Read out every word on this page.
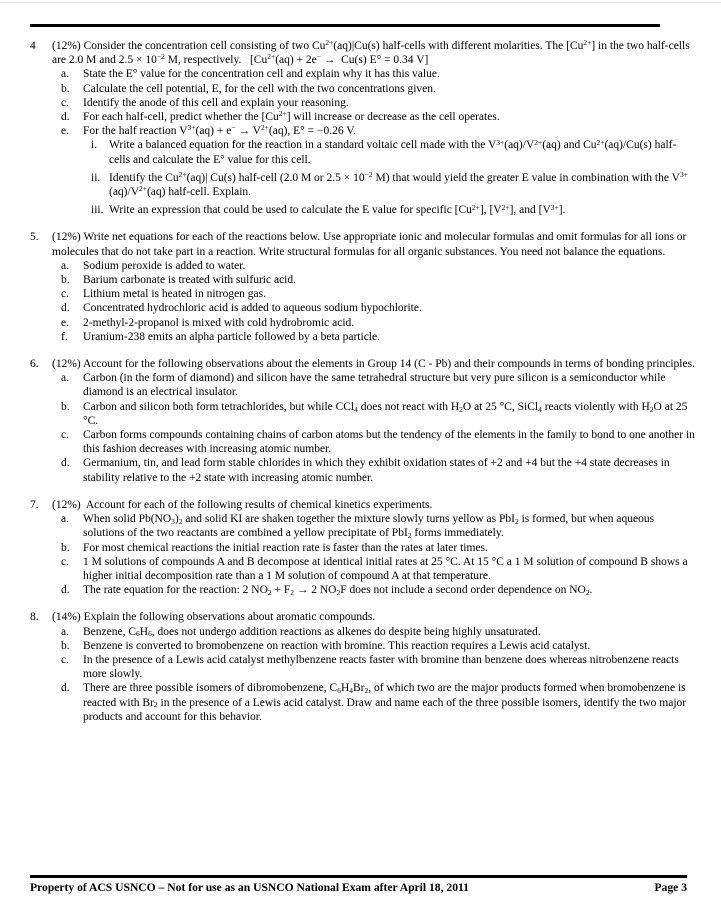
4	(12%) Consider the concentration cell consisting of two $Cu^{2+}(aq)|Cu(s)$ half-cells with different molarities. The $[Cu^{2+}]$ in the two half-cells are 2.0 M and $2.5 \times 10^{-2}$ M, respectively.   [$Cu^{2+}(aq) + 2e^- \to Cu(s) E^\circ = 0.34$ V]
a.	State the E° value for the concentration cell and explain why it has this value.
b.	Calculate the cell potential, E, for the cell with the two concentrations given.
c.	Identify the anode of this cell and explain your reasoning.
d.	For each half-cell, predict whether the $[Cu^{2+}]$ will increase or decrease as the cell operates.
e.	For the half reaction $V^{3+}(aq) + e^- \to V^{2+}(aq)$, E° = −0.26 V.
i.	Write a balanced equation for the reaction in a standard voltaic cell made with the $V^{3+}(aq)/V^{2+}(aq)$ and $Cu^{2+}(aq)/Cu(s)$ half-cells and calculate the E° value for this cell.
ii. Identify the $Cu^{2+}(aq)|$ Cu(s) half-cell (2.0 M or $2.5 \times 10^{-2}$ M) that would yield the greater E value in combination with the $V^{3+}(aq)/V^{2+}(aq)$ half-cell. Explain.
iii. Write an expression that could be used to calculate the E value for specific $[Cu^{2+}]$, $[V^{2+}]$, and $[V^{3+}]$.
5.	(12%) Write net equations for each of the reactions below. Use appropriate ionic and molecular formulas and omit formulas for all ions or molecules that do not take part in a reaction. Write structural formulas for all organic substances. You need not balance the equations.
a.	Sodium peroxide is added to water.
b.	Barium carbonate is treated with sulfuric acid.
c.	Lithium metal is heated in nitrogen gas.
d.	Concentrated hydrochloric acid is added to aqueous sodium hypochlorite.
e.	2-methyl-2-propanol is mixed with cold hydrobromic acid.
f.	Uranium-238 emits an alpha particle followed by a beta particle.
6.	(12%) Account for the following observations about the elements in Group 14 (C - Pb) and their compounds in terms of bonding principles.
a.	Carbon (in the form of diamond) and silicon have the same tetrahedral structure but very pure silicon is a semiconductor while diamond is an electrical insulator.
b.	Carbon and silicon both form tetrachlorides, but while CCl$_4$ does not react with $H_2O$ at 25 °C, SiCl$_4$ reacts violently with $H_2O$ at 25 °C.
c.	Carbon forms compounds containing chains of carbon atoms but the tendency of the elements in the family to bond to one another in this fashion decreases with increasing atomic number.
d.	Germanium, tin, and lead form stable chlorides in which they exhibit oxidation states of +2 and +4 but the +4 state decreases in stability relative to the +2 state with increasing atomic number.
7.	(12%)  Account for each of the following results of chemical kinetics experiments.
a.	When solid $Pb(NO_3)_2$ and solid KI are shaken together the mixture slowly turns yellow as PbI$_2$ is formed, but when aqueous solutions of the two reactants are combined a yellow precipitate of PbI$_2$ forms immediately.
b.	For most chemical reactions the initial reaction rate is faster than the rates at later times.
c.	1 M solutions of compounds A and B decompose at identical initial rates at 25 °C. At 15 °C a 1 M solution of compound B shows a higher initial decomposition rate than a 1 M solution of compound A at that temperature.
d.	The rate equation for the reaction: 2 $NO_2 + F_2 \to 2$ $NO_2F$ does not include a second order dependence on $NO_2$.
8.	(14%) Explain the following observations about aromatic compounds.
a.	Benzene, $C_6H_6$, does not undergo addition reactions as alkenes do despite being highly unsaturated.
b.	Benzene is converted to bromobenzene on reaction with bromine. This reaction requires a Lewis acid catalyst.
c.	In the presence of a Lewis acid catalyst methylbenzene reacts faster with bromine than benzene does whereas nitrobenzene reacts more slowly.
d.	There are three possible isomers of dibromobenzene, $C_6H_4Br_2$, of which two are the major products formed when bromobenzene is reacted with $Br_2$ in the presence of a Lewis acid catalyst. Draw and name each of the three possible isomers, identify the two major products and account for this behavior.
Property of ACS USNCO – Not for use as an USNCO National Exam after April 18, 2011	Page 3
